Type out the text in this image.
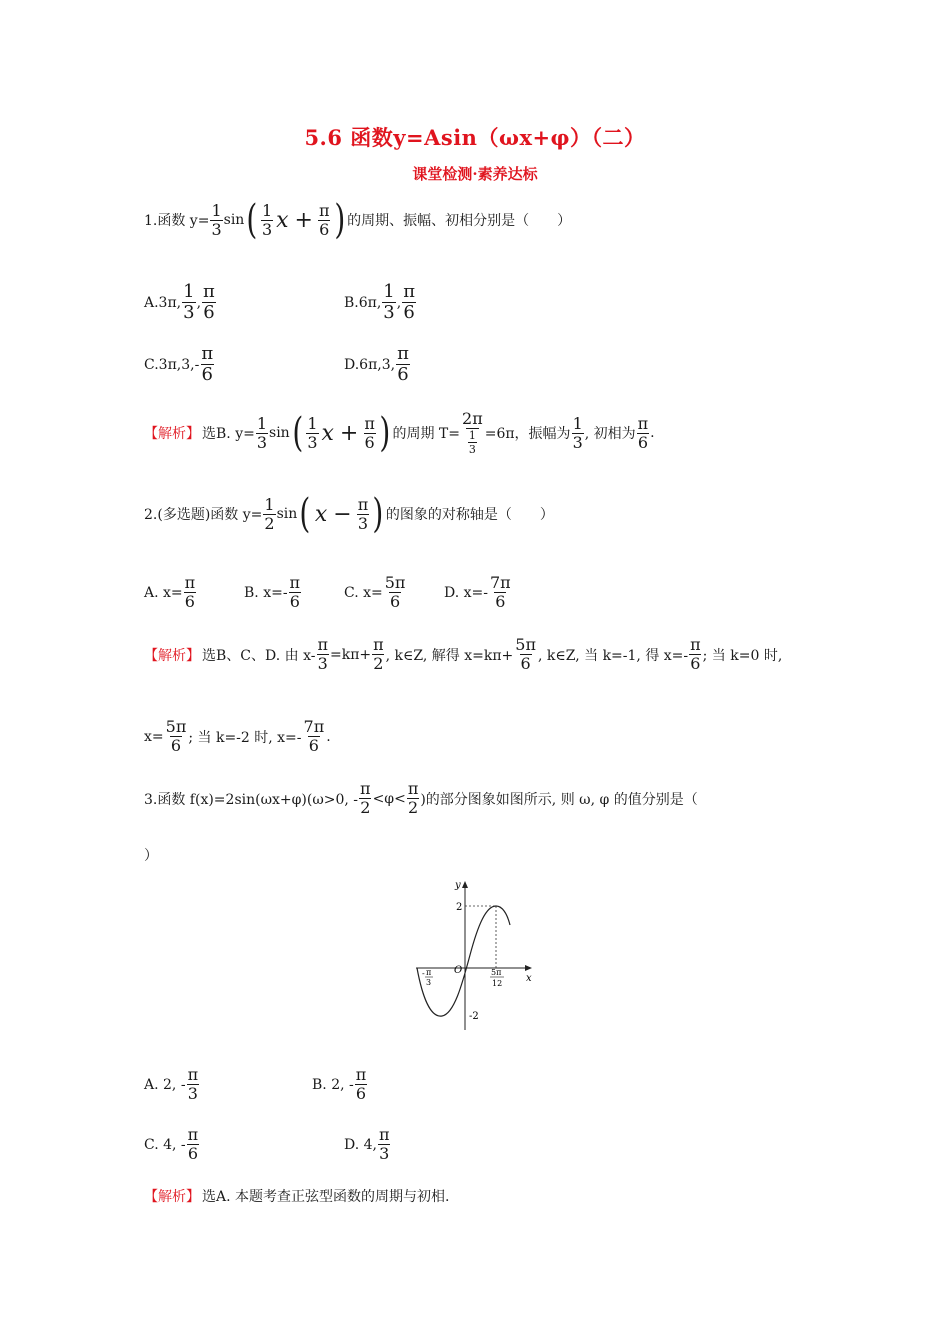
5.6 函数y=Asin（ωx+φ）（二）
课堂检测·素养达标
1.函数 $y= \frac{1}{3}$ sin ( $\frac{1}{3}$ $x + \frac{\pi}{6}$ ) 的周期、振幅、初相分别是（　　）
A.3π, $\frac{1}{3}$ , $\frac{\pi}{6}$	B.6π, $\frac{1}{3}$ , $\frac{\pi}{6}$
$C.3\pi,3,- \frac{\pi}{6}$	D.6π,3, $\frac{\pi}{6}$
【解析】 选B. $y= \frac{1}{3}$ sin ( $\frac{1}{3}$ $x + \frac{\pi}{6}$ ) 的周期 $T= \frac{2\pi}{\frac{1}{3}} =6\pi$，振幅为 $\frac{1}{3}$ , 初相为 $\frac{\pi}{6}$ .
2.(多选题)函数 $y= \frac{1}{2}$ sin ( $x - \frac{\pi}{3}$ ) 的图象的对称轴是（　　）
A. $x= \frac{\pi}{6}$	B. $x=- \frac{\pi}{6}$	C. $x= \frac{5\pi}{6}$	D. $x=- \frac{7\pi}{6}$
【解析】 选B、C、D. 由 $x- \frac{\pi}{3} =k\pi+ \frac{\pi}{2}$ , k∈Z, 解得 $x=k\pi+ \frac{5\pi}{6}$ , k∈Z, 当 k=-1, 得 $x=- \frac{\pi}{6}$ ; 当 k=0 时,
$x= \frac{5\pi}{6}$ ; 当 k=-2 时, $x=- \frac{7\pi}{6}$ .
3.函数 f(x)=2sin(ωx+φ)(ω>0, - $\frac{\pi}{2} <\varphi< \frac{\pi}{2}$ )的部分图象如图所示, 则 ω, φ 的值分别是（
）
y
x
O
2
-2
- π
3
5π
12
A. 2, - $\frac{\pi}{3}$	B. 2, - $\frac{\pi}{6}$
C. 4, - $\frac{\pi}{6}$	D. 4, $\frac{\pi}{3}$
【解析】 选A. 本题考查正弦型函数的周期与初相.
